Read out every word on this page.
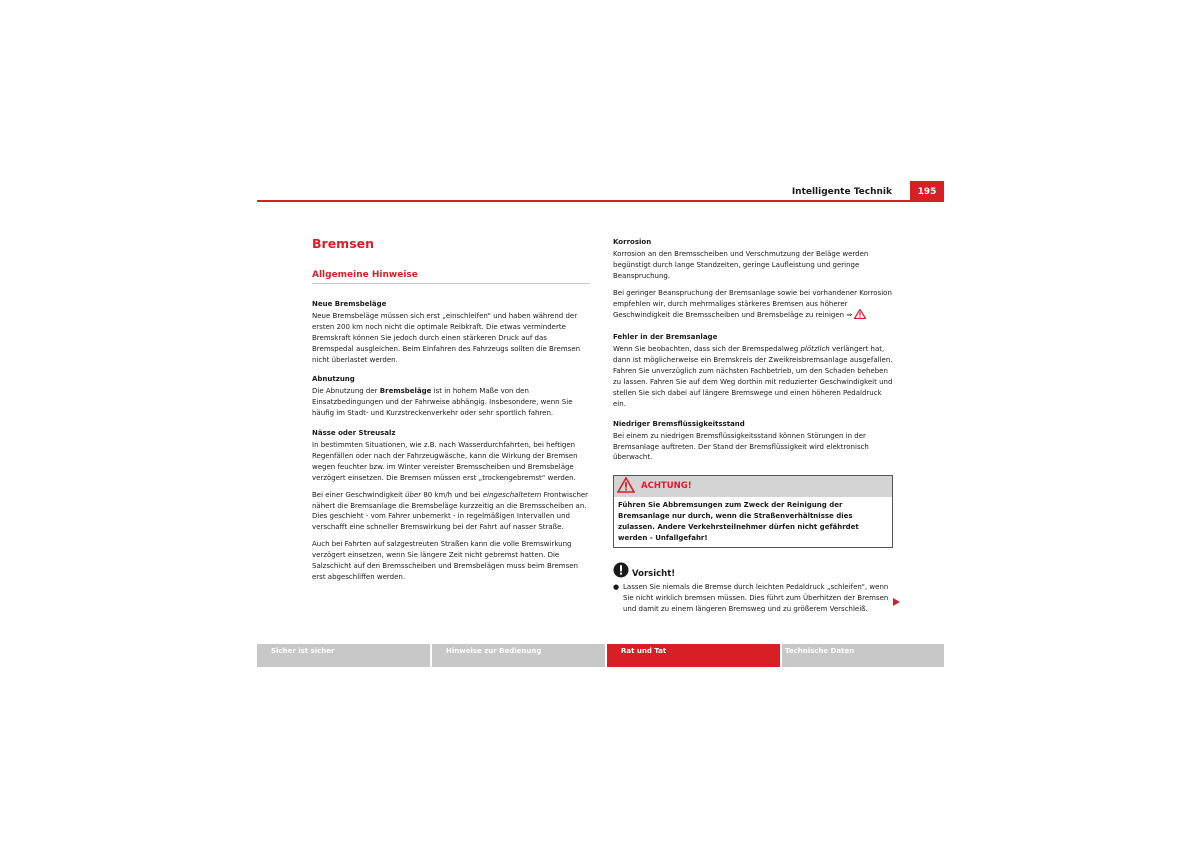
Intelligente Technik	195
Bremsen
Allgemeine Hinweise
Neue Bremsbeläge

Neue Bremsbeläge müssen sich erst „einschleifen“ und haben während der ersten 200 km noch nicht die optimale Reibkraft. Die etwas verminderte Bremskraft können Sie jedoch durch einen stärkeren Druck auf das Bremspedal ausgleichen. Beim Einfahren des Fahrzeugs sollten die Bremsen nicht überlastet werden.

Abnutzung

Die Abnutzung der Bremsbeläge ist in hohem Maße von den Einsatzbedingungen und der Fahrweise abhängig. Insbesondere, wenn Sie häufig im Stadt- und Kurzstreckenverkehr oder sehr sportlich fahren.

Nässe oder Streusalz

In bestimmten Situationen, wie z.B. nach Wasserdurchfahrten, bei heftigen Regenfällen oder nach der Fahrzeugwäsche, kann die Wirkung der Bremsen wegen feuchter bzw. im Winter vereister Bremsscheiben und Bremsbeläge verzögert einsetzen. Die Bremsen müssen erst „trockengebremst“ werden.

Bei einer Geschwindigkeit über 80 km/h und bei eingeschaltetem Frontwischer nähert die Bremsanlage die Bremsbeläge kurzzeitig an die Bremsscheiben an. Dies geschieht - vom Fahrer unbemerkt - in regelmäßigen Intervallen und verschafft eine schneller Bremswirkung bei der Fahrt auf nasser Straße.

Auch bei Fahrten auf salzgestreuten Straßen kann die volle Bremswirkung verzögert einsetzen, wenn Sie längere Zeit nicht gebremst hatten. Die Salzschicht auf den Bremsscheiben und Bremsbelägen muss beim Bremsen erst abgeschliffen werden.

Korrosion

Korrosion an den Bremsscheiben und Verschmutzung der Beläge werden begünstigt durch lange Standzeiten, geringe Laufleistung und geringe Beanspruchung.

Bei geringer Beanspruchung der Bremsanlage sowie bei vorhandener Korrosion empfehlen wir, durch mehrmaliges stärkeres Bremsen aus höherer Geschwindigkeit die Bremsscheiben und Bremsbeläge zu reinigen ⇒

Fehler in der Bremsanlage

Wenn Sie beobachten, dass sich der Bremspedalweg plötzlich verlängert hat, dann ist möglicherweise ein Bremskreis der Zweikreisbremsanlage ausgefallen. Fahren Sie unverzüglich zum nächsten Fachbetrieb, um den Schaden beheben zu lassen. Fahren Sie auf dem Weg dorthin mit reduzierter Geschwindigkeit und stellen Sie sich dabei auf längere Bremswege und einen höheren Pedaldruck ein.

Niedriger Bremsflüssigkeitsstand

Bei einem zu niedrigen Bremsflüssigkeitsstand können Störungen in der Bremsanlage auftreten. Der Stand der Bremsflüssigkeit wird elektronisch überwacht.

ACHTUNG!
Führen Sie Abbremsungen zum Zweck der Reinigung der Bremsanlage nur durch, wenn die Straßenverhältnisse dies zulassen. Andere Verkehrsteilnehmer dürfen nicht gefährdet werden - Unfallgefahr!
Vorsicht!
● Lassen Sie niemals die Bremse durch leichten Pedaldruck „schleifen“, wenn Sie nicht wirklich bremsen müssen. Dies führt zum Überhitzen der Bremsen und damit zu einem längeren Bremsweg und zu größerem Verschleiß.
Sicher ist sicher	Hinweise zur Bedienung	Rat und Tat	Technische Daten
